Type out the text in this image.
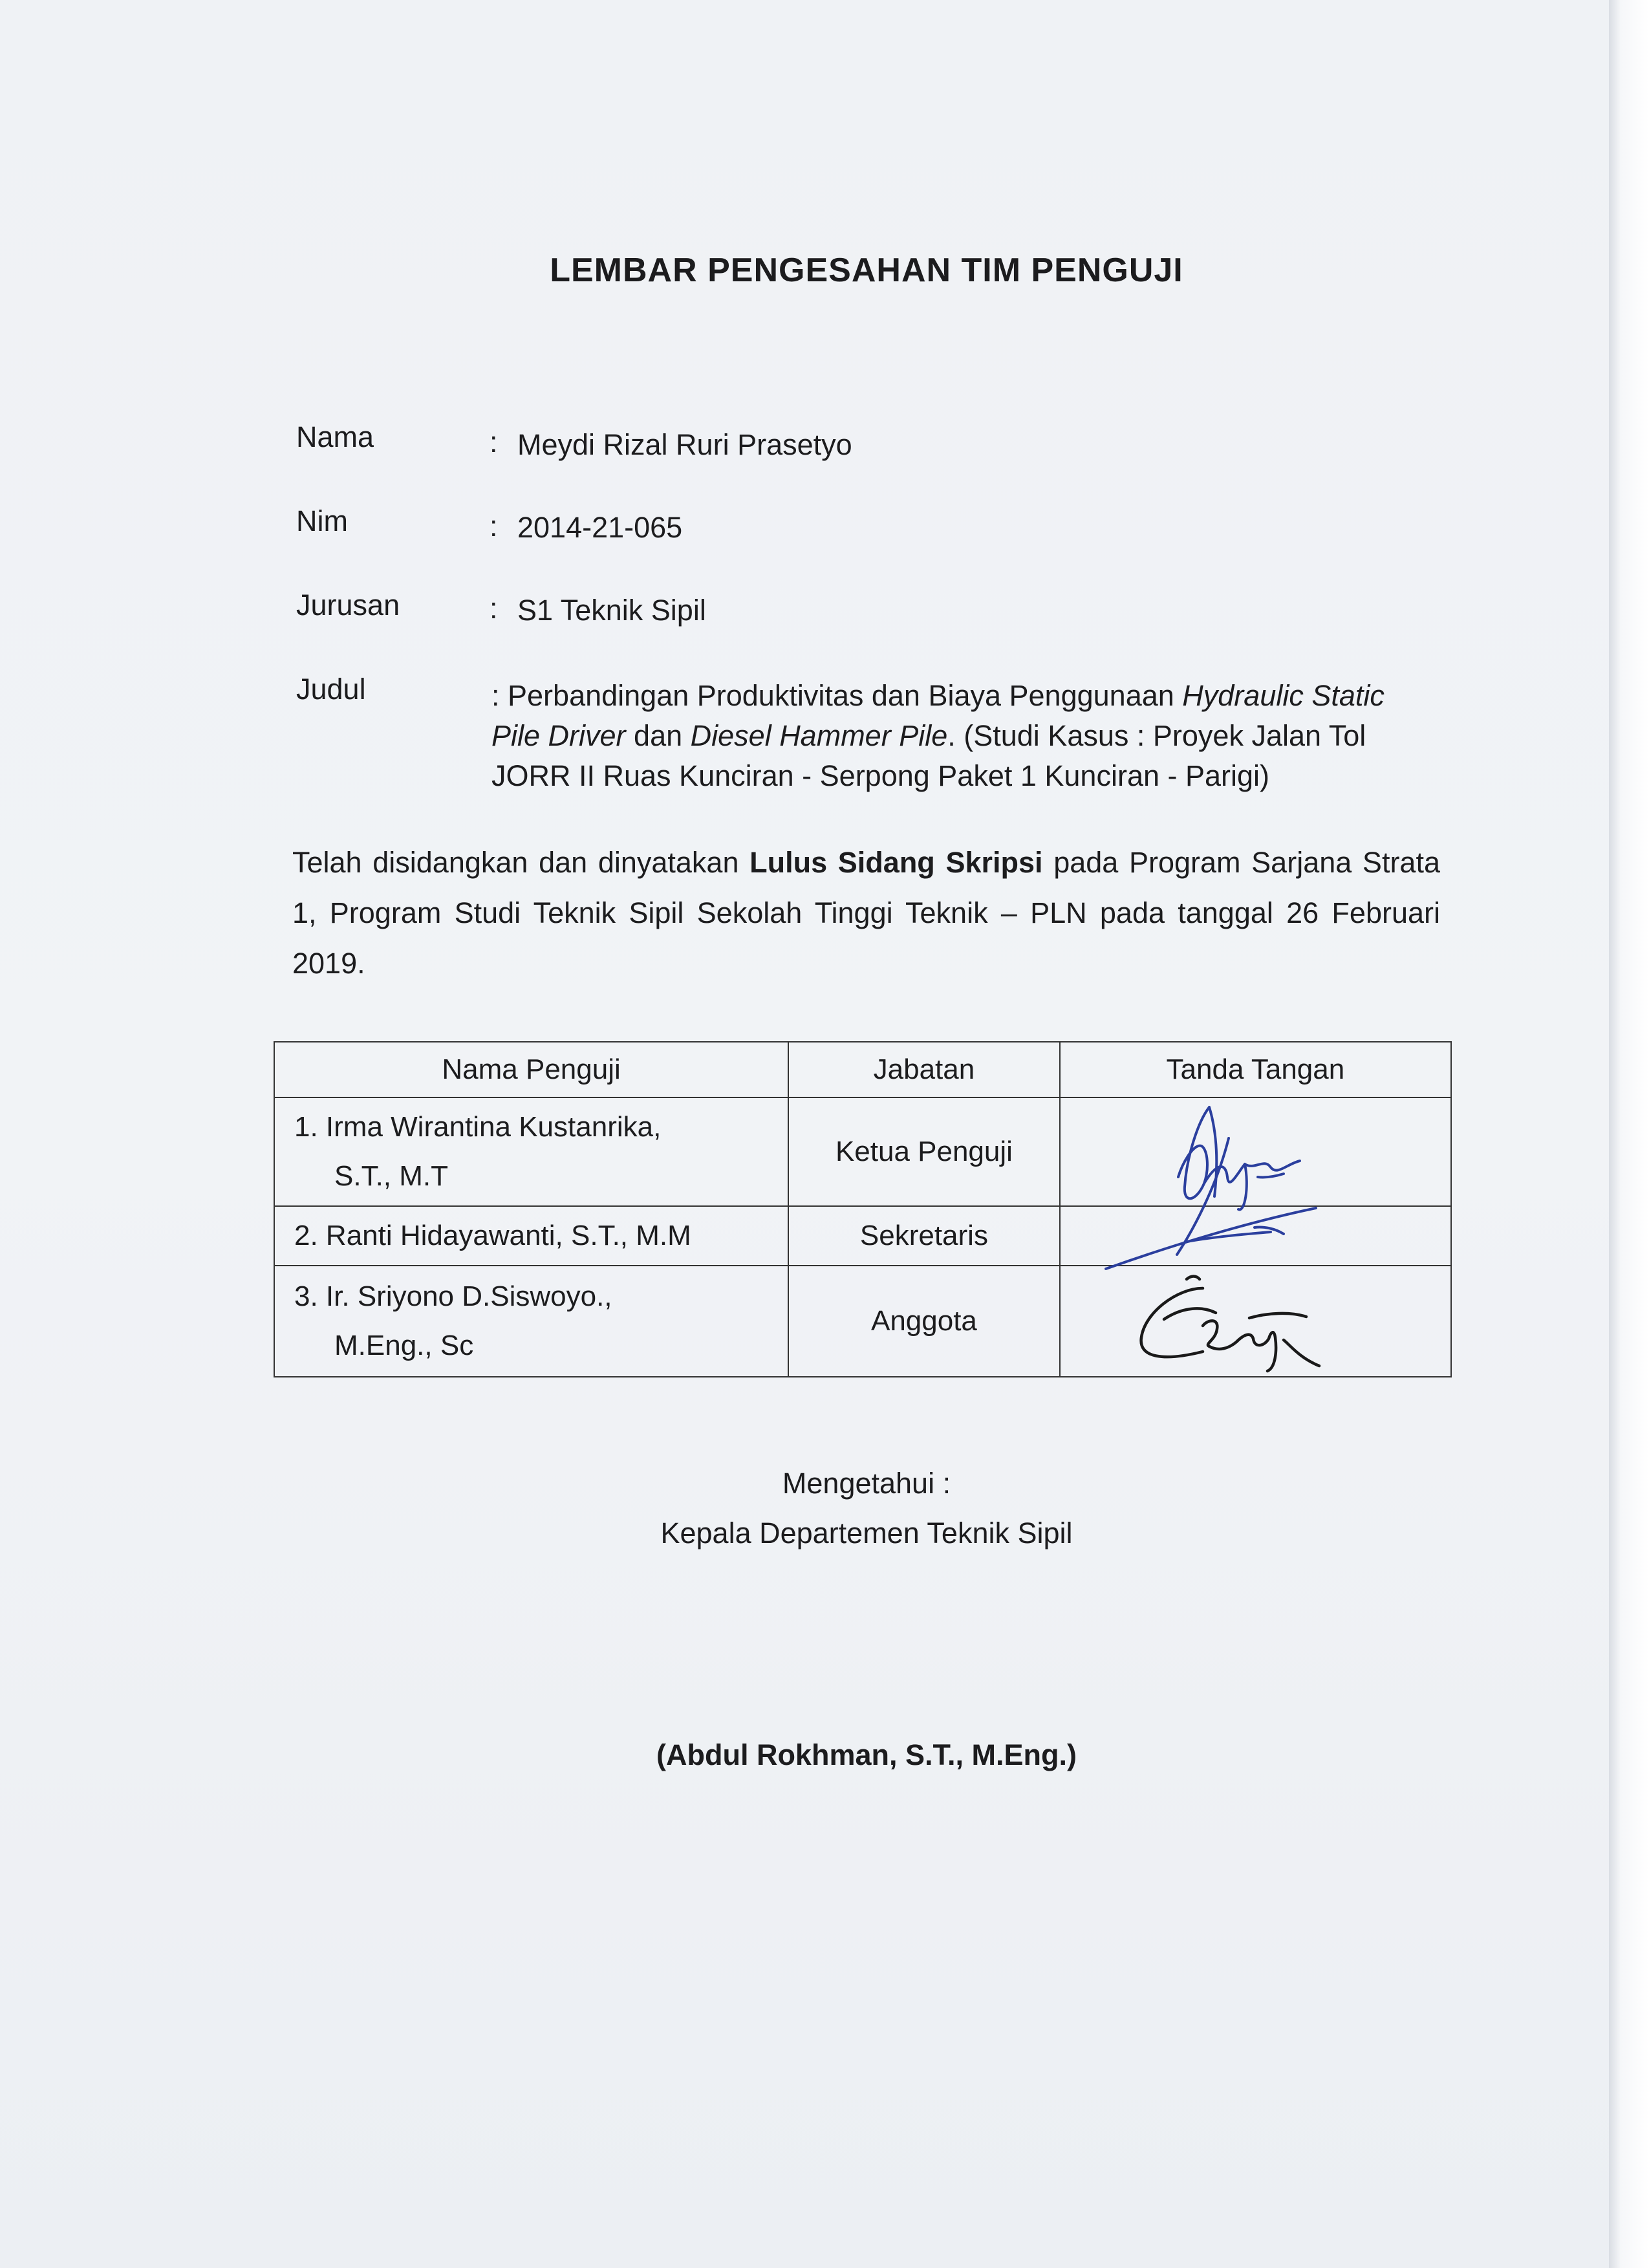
LEMBAR PENGESAHAN TIM PENGUJI
Nama	: Meydi Rizal Ruri Prasetyo
Nim	: 2014-21-065
Jurusan	: S1 Teknik Sipil
Judul	: Perbandingan Produktivitas dan Biaya Penggunaan Hydraulic Static Pile Driver dan Diesel Hammer Pile. (Studi Kasus : Proyek Jalan Tol JORR II Ruas Kunciran - Serpong Paket 1 Kunciran - Parigi)
Telah disidangkan dan dinyatakan Lulus Sidang Skripsi pada Program Sarjana Strata 1, Program Studi Teknik Sipil Sekolah Tinggi Teknik – PLN pada tanggal 26 Februari 2019.
Nama Penguji	Jabatan	Tanda Tangan
1. Irma Wirantina Kustanrika,
S.T., M.T	Ketua Penguji	
2. Ranti Hidayawanti, S.T., M.M	Sekretaris	
3. Ir. Sriyono D.Siswoyo.,
M.Eng., Sc	Anggota	
Mengetahui :
Kepala Departemen Teknik Sipil
(Abdul Rokhman, S.T., M.Eng.)
